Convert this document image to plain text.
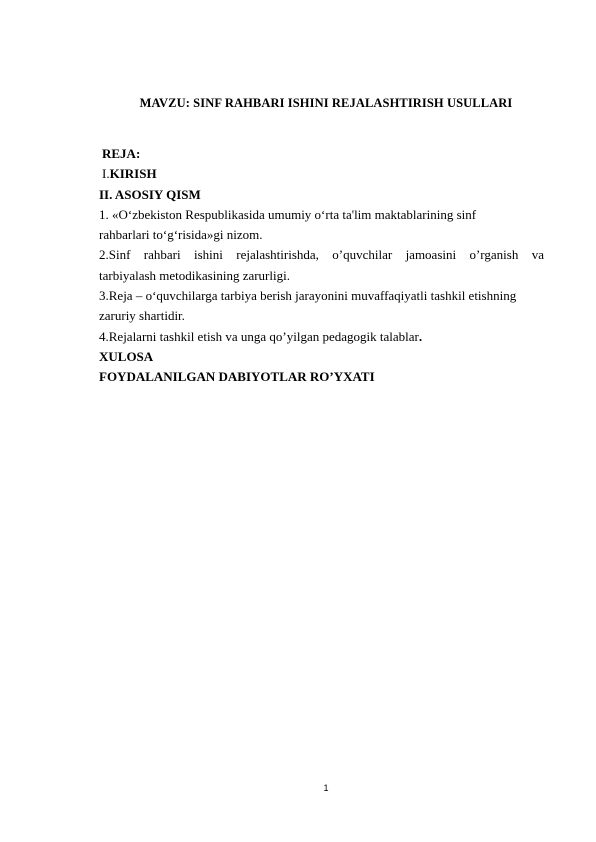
MAVZU: SINF RAHBARI ISHINI REJALASHTIRISH USULLARI
REJA:
I.KIRISH
II. ASOSIY QISM
1. «O‘zbekiston Respublikasida umumiy o‘rta ta'lim maktablarining sinf
rahbarlari to‘g‘risida»gi nizom.
2.Sinf rahbari ishini rejalashtirishda, o’quvchilar jamoasini o’rganish va
tarbiyalash metodikasining zarurligi.
3.Reja – o‘quvchilarga tarbiya berish jarayonini muvaffaqiyatli tashkil etishning
zaruriy shartidir.
4.Rejalarni tashkil etish va unga qo’yilgan pedagogik talablar.
XULOSA
FOYDALANILGAN DABIYOTLAR RO’YXATI
1
